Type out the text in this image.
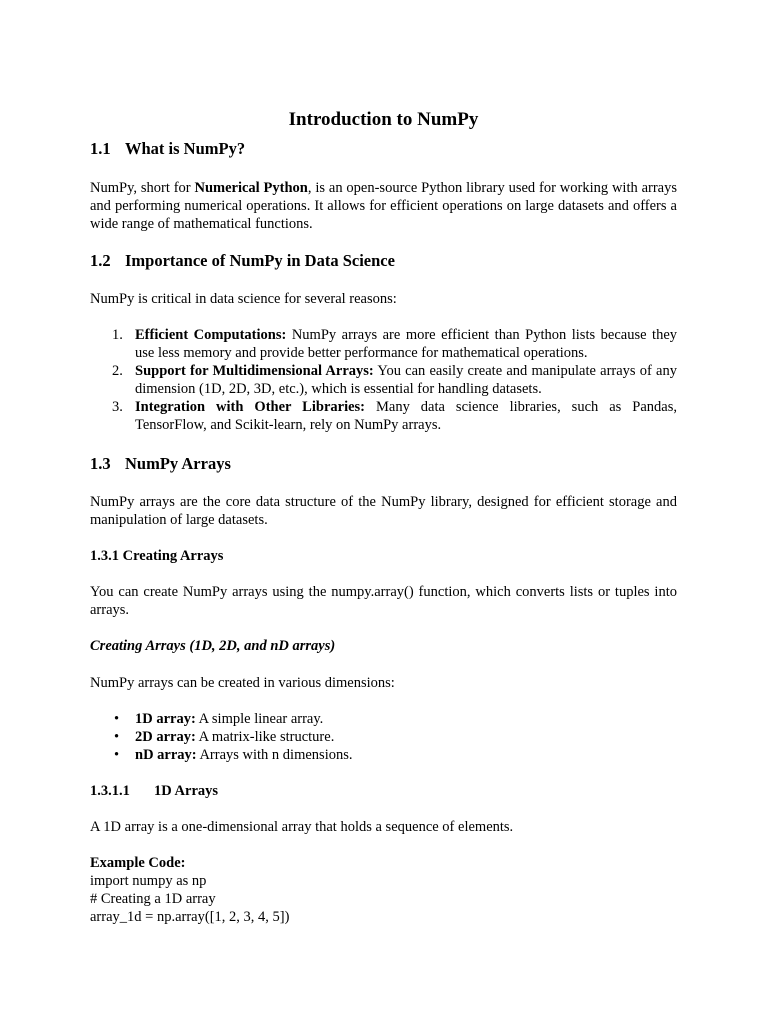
Introduction to NumPy
1.1 What is NumPy?

NumPy, short for Numerical Python, is an open-source Python library used for working with arrays and performing numerical operations. It allows for efficient operations on large datasets and offers a wide range of mathematical functions.

1.2 Importance of NumPy in Data Science

NumPy is critical in data science for several reasons:

1. Efficient Computations: NumPy arrays are more efficient than Python lists because they use less memory and provide better performance for mathematical operations.
2. Support for Multidimensional Arrays: You can easily create and manipulate arrays of any dimension (1D, 2D, 3D, etc.), which is essential for handling datasets.
3. Integration with Other Libraries: Many data science libraries, such as Pandas, TensorFlow, and Scikit-learn, rely on NumPy arrays.
1.3 NumPy Arrays

NumPy arrays are the core data structure of the NumPy library, designed for efficient storage and manipulation of large datasets.

1.3.1 Creating Arrays

You can create NumPy arrays using the numpy.array() function, which converts lists or tuples into arrays.

Creating Arrays (1D, 2D, and nD arrays)

NumPy arrays can be created in various dimensions:

• 1D array: A simple linear array.
• 2D array: A matrix-like structure.
• nD array: Arrays with n dimensions.
1.3.1.1 1D Arrays

A 1D array is a one-dimensional array that holds a sequence of elements.

Example Code:

import numpy as np
# Creating a 1D array
array_1d = np.array([1, 2, 3, 4, 5])
